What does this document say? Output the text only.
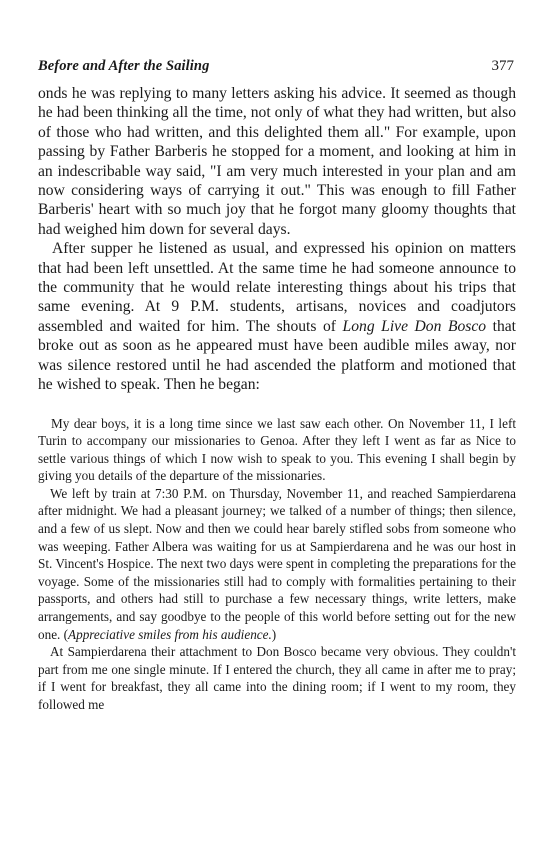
Before and After the Sailing	377

onds he was replying to many letters asking his advice. It seemed as though he had been thinking all the time, not only of what they had written, but also of those who had written, and this delighted them all." For example, upon passing by Father Barberis he stopped for a moment, and looking at him in an indescribable way said, "I am very much interested in your plan and am now considering ways of carrying it out." This was enough to fill Father Barberis' heart with so much joy that he forgot many gloomy thoughts that had weighed him down for several days.

After supper he listened as usual, and expressed his opinion on matters that had been left unsettled. At the same time he had someone announce to the community that he would relate interesting things about his trips that same evening. At 9 P.M. students, artisans, novices and coadjutors assembled and waited for him. The shouts of Long Live Don Bosco that broke out as soon as he appeared must have been audible miles away, nor was silence restored until he had ascended the platform and motioned that he wished to speak. Then he began:

My dear boys, it is a long time since we last saw each other. On November 11, I left Turin to accompany our missionaries to Genoa. After they left I went as far as Nice to settle various things of which I now wish to speak to you. This evening I shall begin by giving you details of the departure of the missionaries.

We left by train at 7:30 P.M. on Thursday, November 11, and reached Sampierdarena after midnight. We had a pleasant journey; we talked of a number of things; then silence, and a few of us slept. Now and then we could hear barely stifled sobs from someone who was weeping. Father Albera was waiting for us at Sampierdarena and he was our host in St. Vincent's Hospice. The next two days were spent in completing the preparations for the voyage. Some of the missionaries still had to comply with formalities pertaining to their passports, and others had still to purchase a few necessary things, write letters, make arrangements, and say goodbye to the people of this world before setting out for the new one. (Appreciative smiles from his audience.)

At Sampierdarena their attachment to Don Bosco became very obvious. They couldn't part from me one single minute. If I entered the church, they all came in after me to pray; if I went for breakfast, they all came into the dining room; if I went to my room, they followed me
